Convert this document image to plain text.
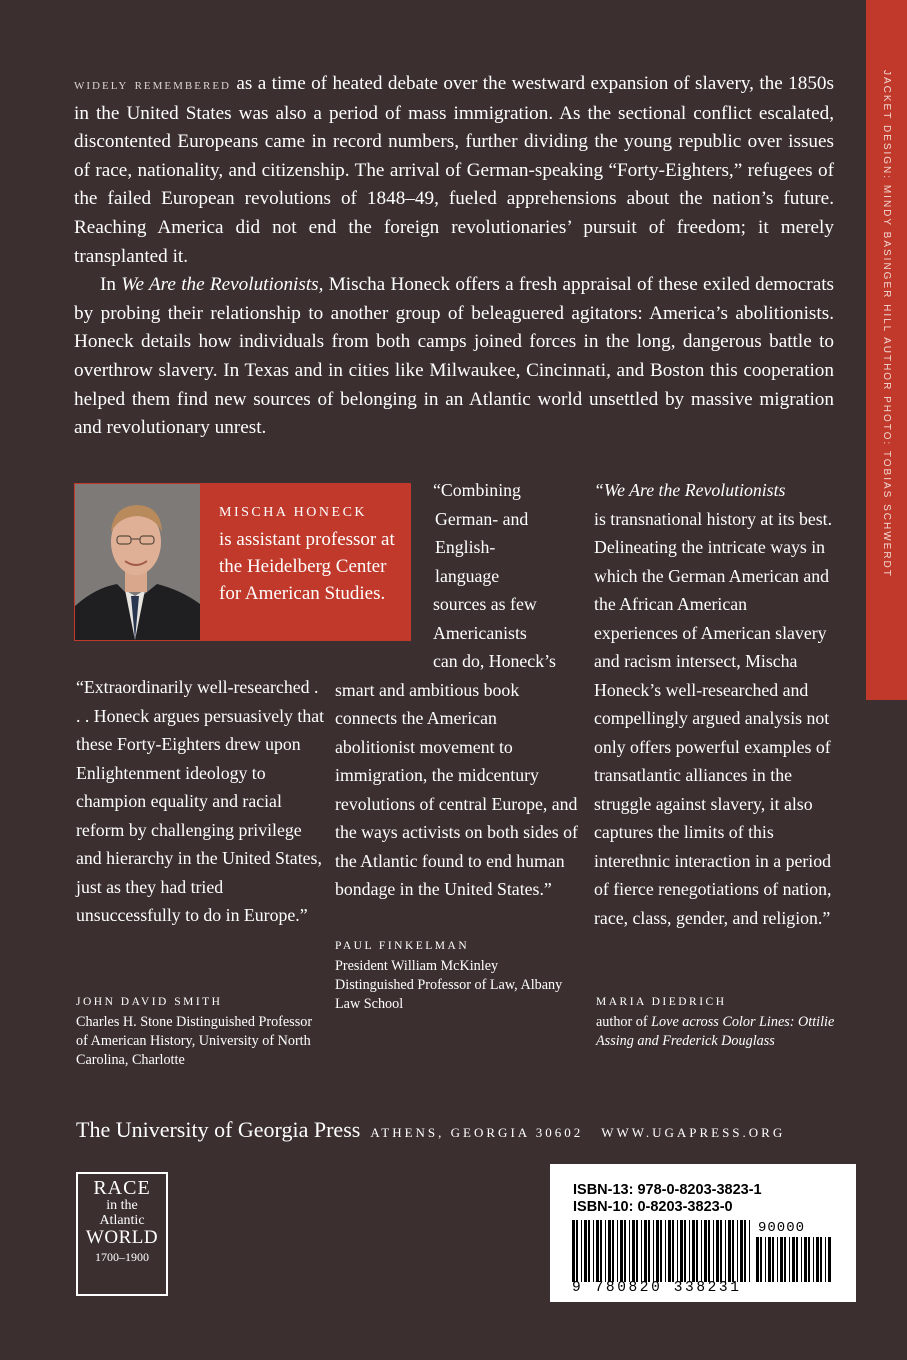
JACKET DESIGN: MINDY BASINGER HILL AUTHOR PHOTO: TOBIAS SCHWERDT

widely remembered as a time of heated debate over the westward expansion of slavery, the 1850s in the United States was also a period of mass immigration. As the sectional conflict escalated, discontented Europeans came in record numbers, further dividing the young republic over issues of race, nationality, and citizenship. The arrival of German-speaking “Forty-Eighters,” refugees of the failed European revolutions of 1848–49, fueled apprehensions about the nation’s future. Reaching America did not end the foreign revolutionaries’ pursuit of freedom; it merely transplanted it.

In We Are the Revolutionists, Mischa Honeck offers a fresh appraisal of these exiled democrats by probing their relationship to another group of beleaguered agitators: America’s abolitionists. Honeck details how individuals from both camps joined forces in the long, dangerous battle to overthrow slavery. In Texas and in cities like Milwaukee, Cincinnati, and Boston this cooperation helped them find new sources of belonging in an Atlantic world unsettled by massive migration and revolutionary unrest.

MISCHA HONECK
is assistant professor at the Heidelberg Center for American Studies.

“Extraordinarily well-researched . . . Honeck argues persuasively that these Forty-Eighters drew upon Enlightenment ideology to champion equality and racial reform by challenging privilege and hierarchy in the United States, just as they had tried unsuccessfully to do in Europe.”

JOHN DAVID SMITH
Charles H. Stone Distinguished Professor of American History, University of North Carolina, Charlotte
“Combining
German- and
English-
language
sources as few
Americanists
can do, Honeck’s
smart and ambitious book connects the American abolitionist movement to immigration, the midcentury revolutions of central Europe, and the ways activists on both sides of the Atlantic found to end human bondage in the United States.”
PAUL FINKELMAN
President William McKinley Distinguished Professor of Law, Albany Law School
“We Are the Revolutionists
is transnational history at its best. Delineating the intricate ways in which the German American and the African American experiences of American slavery and racism intersect, Mischa Honeck’s well-researched and compellingly argued analysis not only offers powerful examples of transatlantic alliances in the struggle against slavery, it also captures the limits of this interethnic interaction in a period of fierce renegotiations of nation, race, class, gender, and religion.”
MARIA DIEDRICH
author of Love across Color Lines: Ottilie Assing and Frederick Douglass
The University of Georgia Press ATHENS, GEORGIA 30602 WWW.UGAPRESS.ORG
RACE
in the
Atlantic
WORLD
1700–1900
ISBN-13: 978-0-8203-3823-1
ISBN-10: 0-8203-3823-0
90000
9 780820 338231
